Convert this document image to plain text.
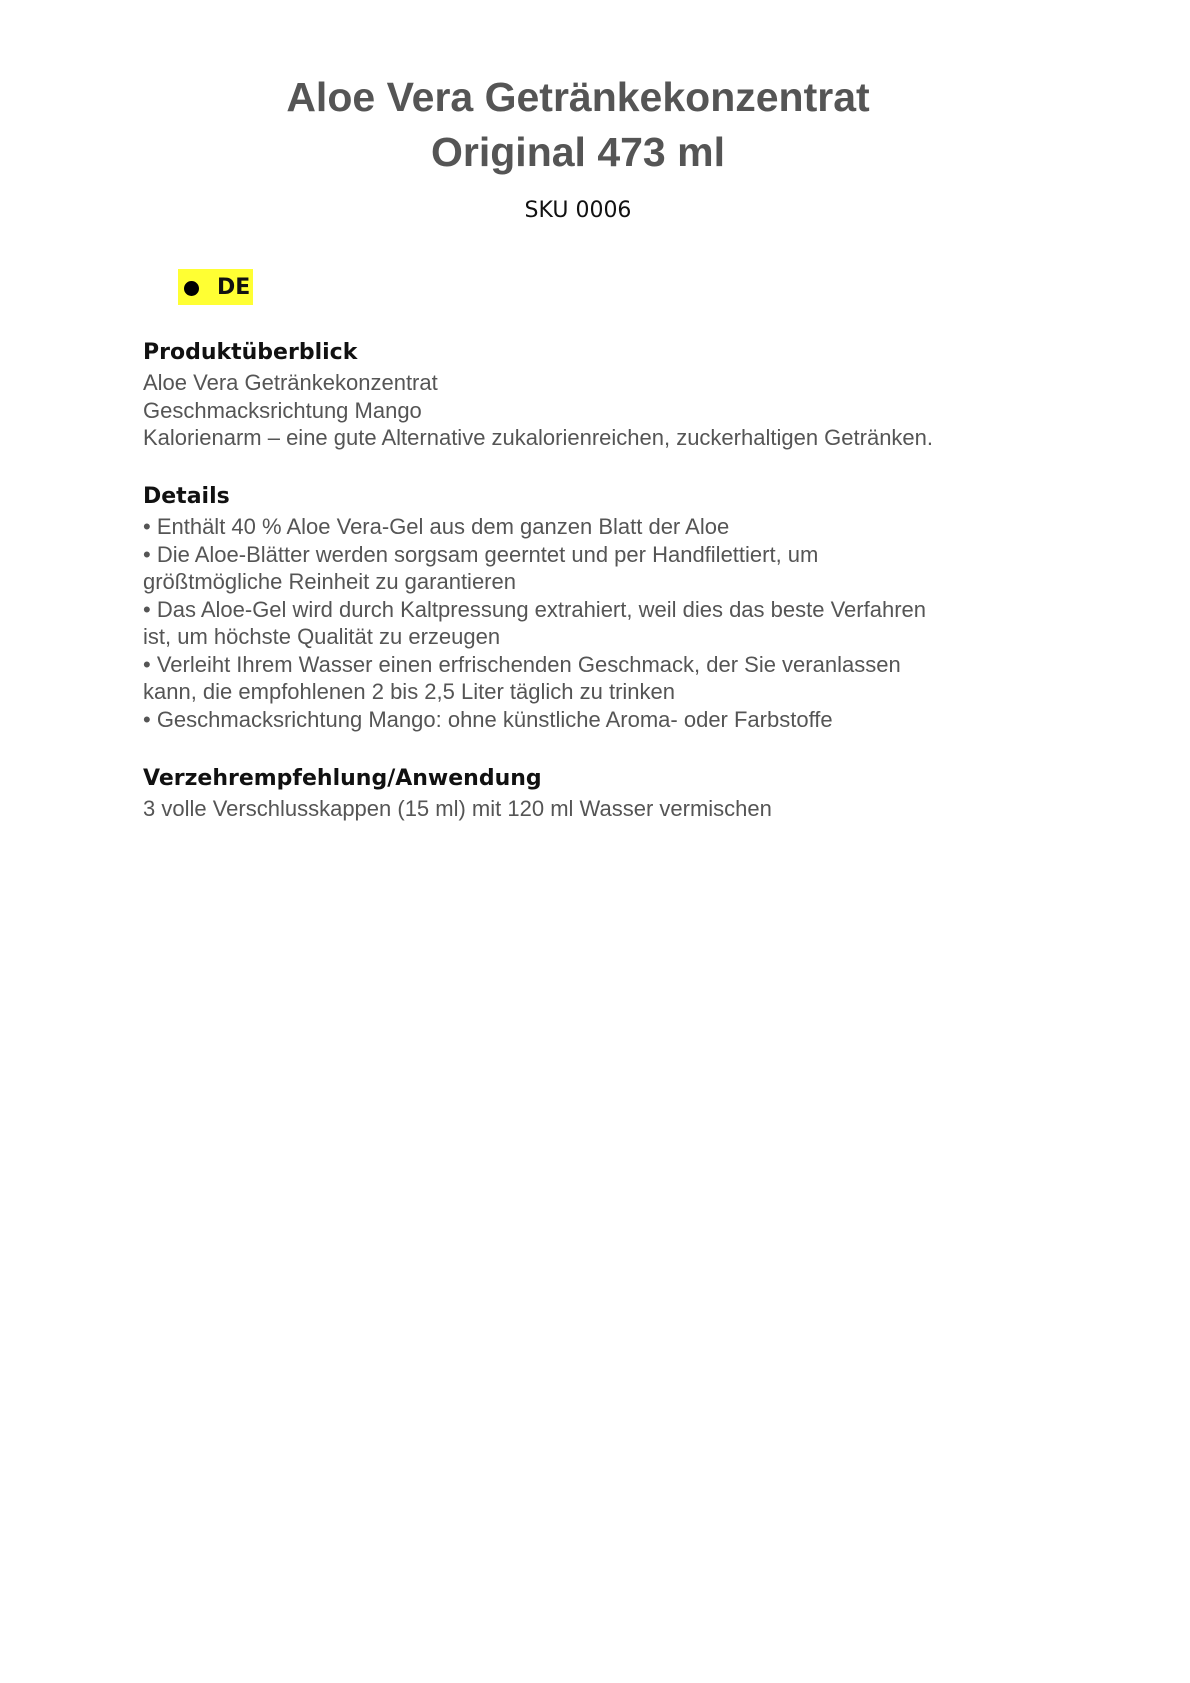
Aloe Vera Getränkekonzentrat
Original 473 ml
SKU 0006
DE
Produktüberblick
Aloe Vera Getränkekonzentrat
Geschmacksrichtung Mango
Kalorienarm – eine gute Alternative zukalorienreichen, zuckerhaltigen Getränken.
Details
• Enthält 40 % Aloe Vera-Gel aus dem ganzen Blatt der Aloe
• Die Aloe-Blätter werden sorgsam geerntet und per Handfilettiert, um
größtmögliche Reinheit zu garantieren
• Das Aloe-Gel wird durch Kaltpressung extrahiert, weil dies das beste Verfahren
ist, um höchste Qualität zu erzeugen
• Verleiht Ihrem Wasser einen erfrischenden Geschmack, der Sie veranlassen
kann, die empfohlenen 2 bis 2,5 Liter täglich zu trinken
• Geschmacksrichtung Mango: ohne künstliche Aroma- oder Farbstoffe
Verzehrempfehlung/Anwendung
3 volle Verschlusskappen (15 ml) mit 120 ml Wasser vermischen
